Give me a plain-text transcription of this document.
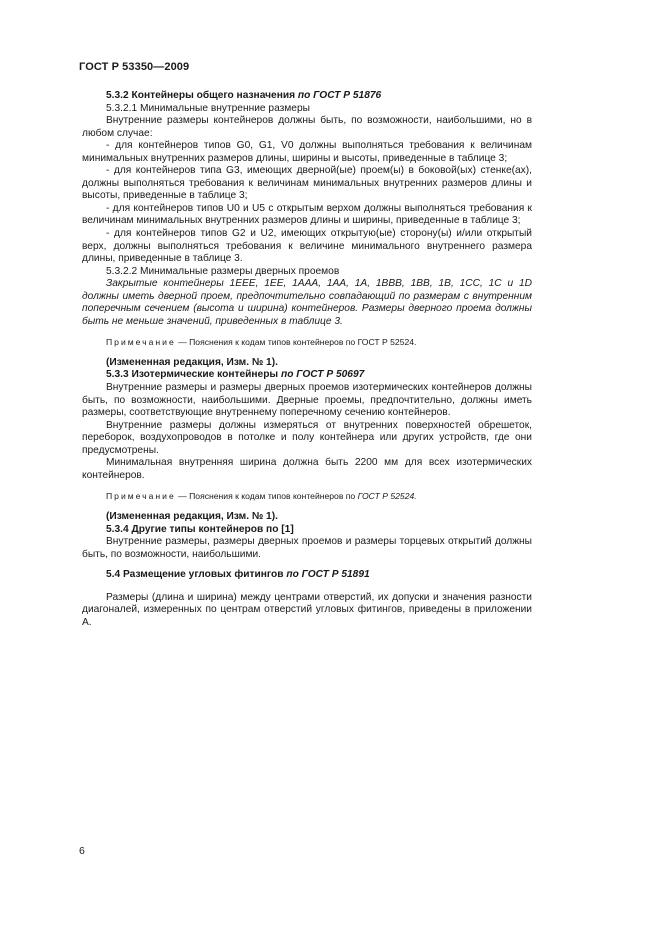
ГОСТ Р 53350—2009

5.3.2 Контейнеры общего назначения по ГОСТ Р 51876

5.3.2.1 Минимальные внутренние размеры

Внутренние размеры контейнеров должны быть, по возможности, наибольшими, но в любом случае:

- для контейнеров типов G0, G1, V0 должны выполняться требования к величинам минимальных внутренних размеров длины, ширины и высоты, приведенные в таблице 3;

- для контейнеров типа G3, имеющих дверной(ые) проем(ы) в боковой(ых) стенке(ах), должны выполняться требования к величинам минимальных внутренних размеров длины и высоты, приведенные в таблице 3;

- для контейнеров типов U0 и U5 с открытым верхом должны выполняться требования к величинам минимальных внутренних размеров длины и ширины, приведенные в таблице 3;

- для контейнеров типов G2 и U2, имеющих открытую(ые) сторону(ы) и/или открытый верх, должны выполняться требования к величине минимального внутреннего размера длины, приведенные в таблице 3.

5.3.2.2 Минимальные размеры дверных проемов

Закрытые контейнеры 1EEE, 1EE, 1AAA, 1AA, 1A, 1BBB, 1BB, 1B, 1CC, 1C и 1D должны иметь дверной проем, предпочтительно совпадающий по размерам с внутренним поперечным сечением (высота и ширина) контейнеров. Размеры дверного проема должны быть не меньше значений, приведенных в таблице 3.

Примечание — Пояснения к кодам типов контейнеров по ГОСТ Р 52524.

(Измененная редакция, Изм. № 1).

5.3.3 Изотермические контейнеры по ГОСТ Р 50697

Внутренние размеры и размеры дверных проемов изотермических контейнеров должны быть, по возможности, наибольшими. Дверные проемы, предпочтительно, должны иметь размеры, соответствующие внутреннему поперечному сечению контейнеров.

Внутренние размеры должны измеряться от внутренних поверхностей обрешеток, переборок, воздухопроводов в потолке и полу контейнера или других устройств, где они предусмотрены.

Минимальная внутренняя ширина должна быть 2200 мм для всех изотермических контейнеров.

Примечание — Пояснения к кодам типов контейнеров по ГОСТ Р 52524.

(Измененная редакция, Изм. № 1).

5.3.4 Другие типы контейнеров по [1]

Внутренние размеры, размеры дверных проемов и размеры торцевых открытий должны быть, по возможности, наибольшими.

5.4 Размещение угловых фитингов по ГОСТ Р 51891

Размеры (длина и ширина) между центрами отверстий, их допуски и значения разности диагоналей, измеренных по центрам отверстий угловых фитингов, приведены в приложении А.

6
